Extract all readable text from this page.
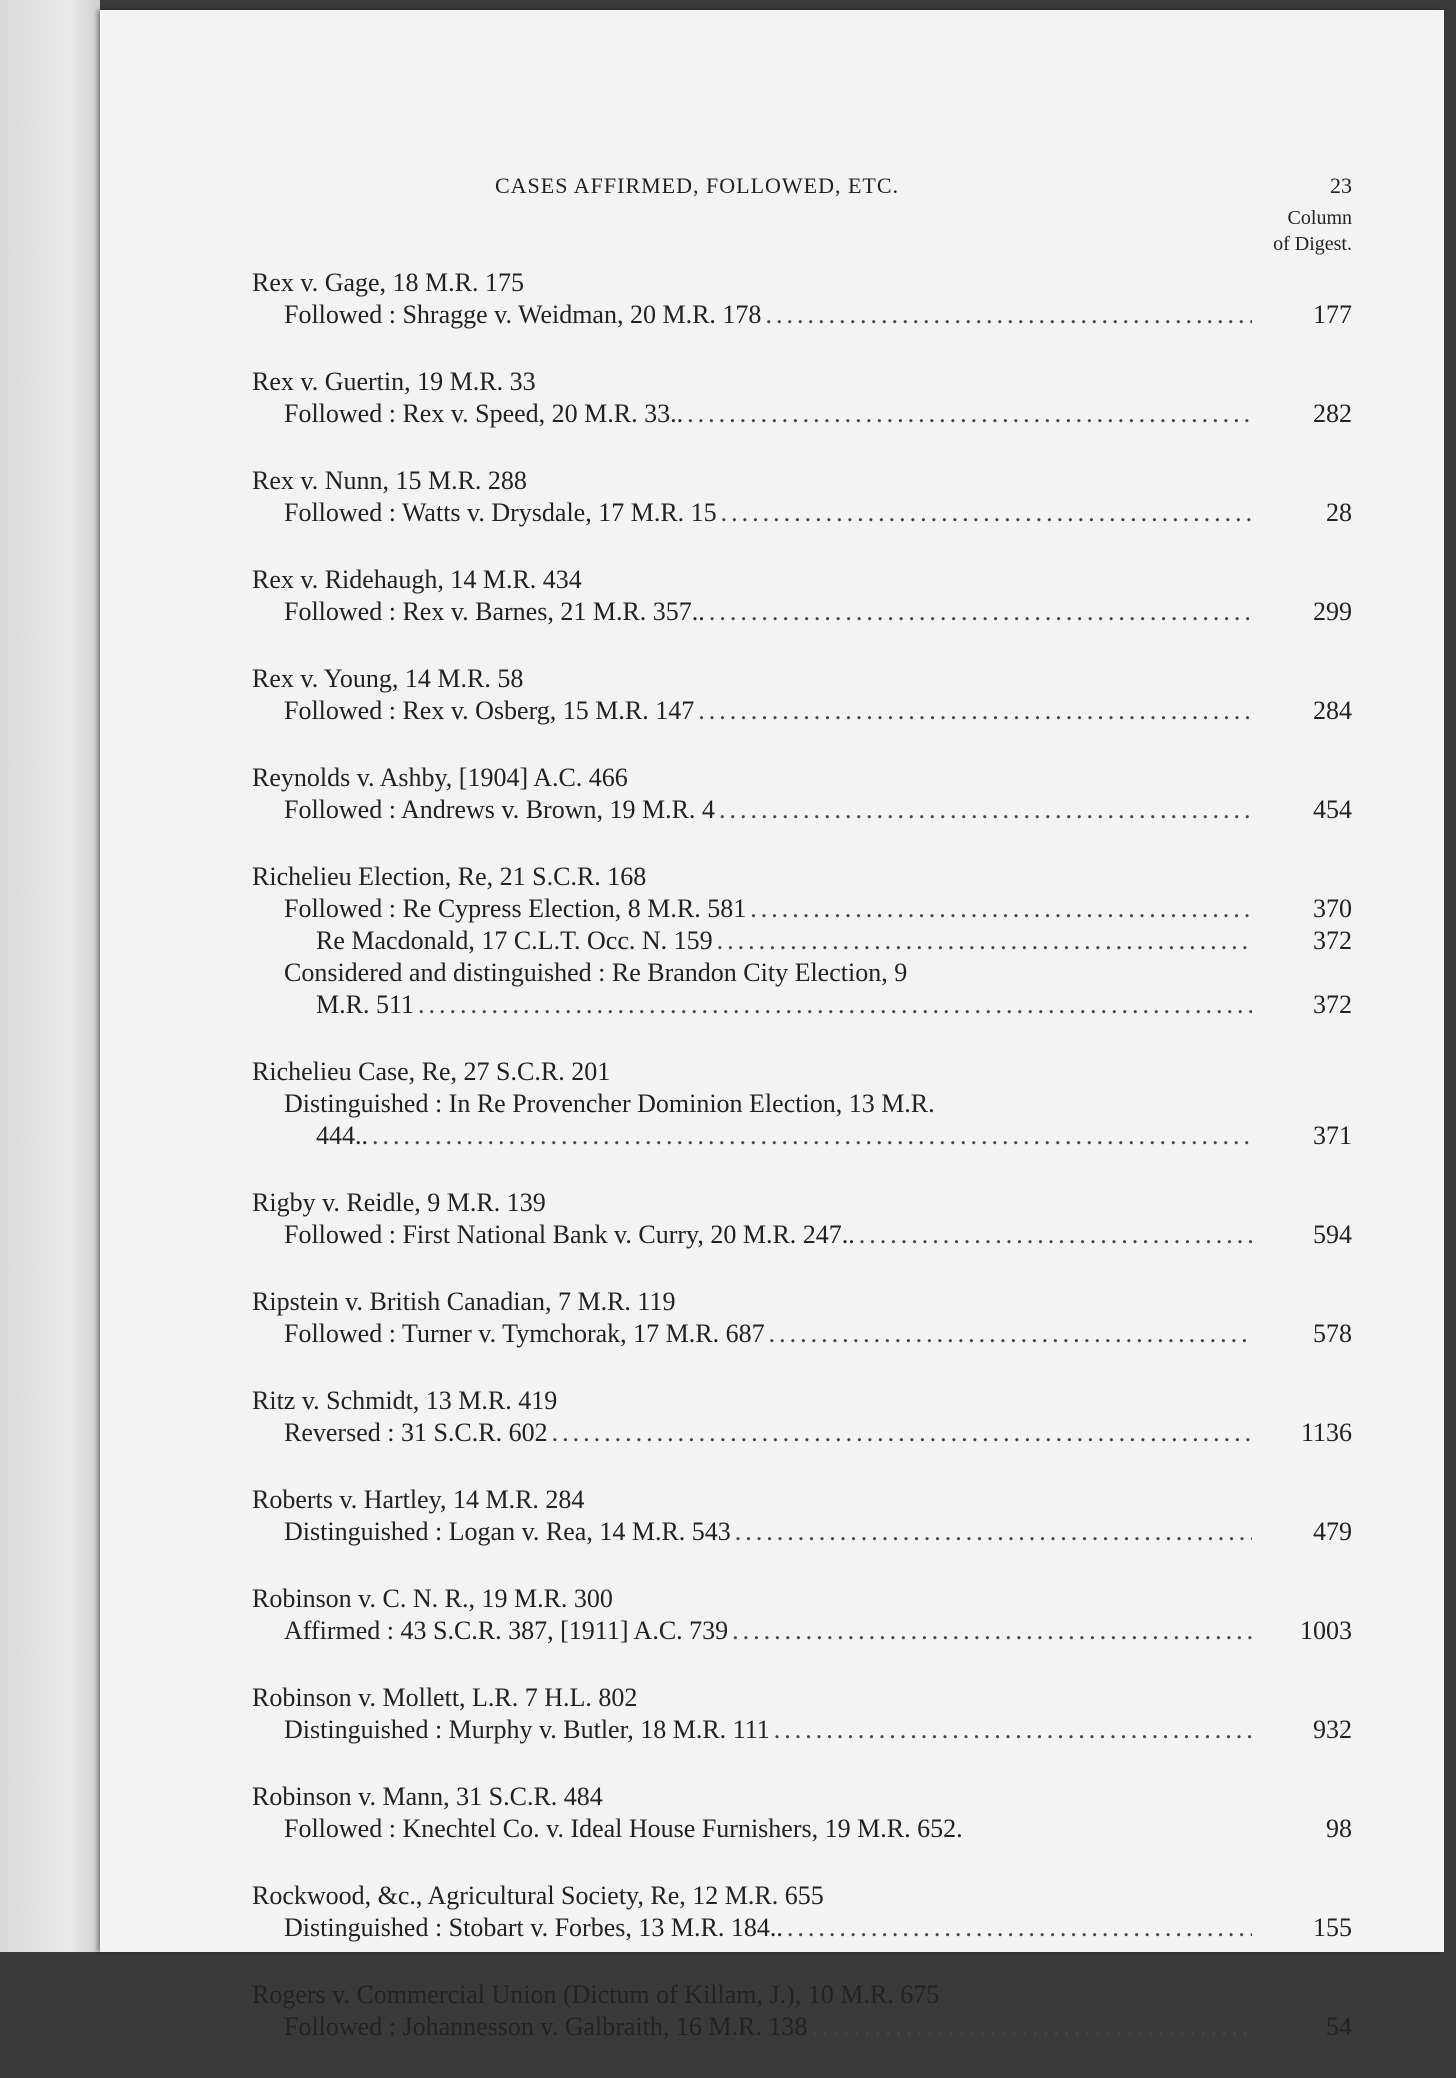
CASES AFFIRMED, FOLLOWED, ETC.	23
Column
of Digest.
Rex v. Gage, 18 M.R. 175
Followed : Shragge v. Weidman, 20 M.R. 178 .....	177
Rex v. Guertin, 19 M.R. 33
Followed : Rex v. Speed, 20 M.R. 33.. .....	282
Rex v. Nunn, 15 M.R. 288
Followed : Watts v. Drysdale, 17 M.R. 15 .....	28
Rex v. Ridehaugh, 14 M.R. 434
Followed : Rex v. Barnes, 21 M.R. 357.. .....	299
Rex v. Young, 14 M.R. 58
Followed : Rex v. Osberg, 15 M.R. 147 .....	284
Reynolds v. Ashby, [1904] A.C. 466
Followed : Andrews v. Brown, 19 M.R. 4 .....	454
Richelieu Election, Re, 21 S.C.R. 168
Followed : Re Cypress Election, 8 M.R. 581 .....	370
Re Macdonald, 17 C.L.T. Occ. N. 159 .....	372
Considered and distinguished : Re Brandon City Election, 9
M.R. 511 .....	372
Richelieu Case, Re, 27 S.C.R. 201
Distinguished : In Re Provencher Dominion Election, 13 M.R.
444.. .....	371
Rigby v. Reidle, 9 M.R. 139
Followed : First National Bank v. Curry, 20 M.R. 247.. .....	594
Ripstein v. British Canadian, 7 M.R. 119
Followed : Turner v. Tymchorak, 17 M.R. 687 .....	578
Ritz v. Schmidt, 13 M.R. 419
Reversed : 31 S.C.R. 602 .....	1136
Roberts v. Hartley, 14 M.R. 284
Distinguished : Logan v. Rea, 14 M.R. 543 .....	479
Robinson v. C. N. R., 19 M.R. 300
Affirmed : 43 S.C.R. 387, [1911] A.C. 739 .....	1003
Robinson v. Mollett, L.R. 7 H.L. 802
Distinguished : Murphy v. Butler, 18 M.R. 111 .....	932
Robinson v. Mann, 31 S.C.R. 484
Followed : Knechtel Co. v. Ideal House Furnishers, 19 M.R. 652.	98
Rockwood, &c., Agricultural Society, Re, 12 M.R. 655
Distinguished : Stobart v. Forbes, 13 M.R. 184.. .....	155
Rogers v. Commercial Union (Dictum of Killam, J.), 10 M.R. 675
Followed : Johannesson v. Galbraith, 16 M.R. 138 .....	54
